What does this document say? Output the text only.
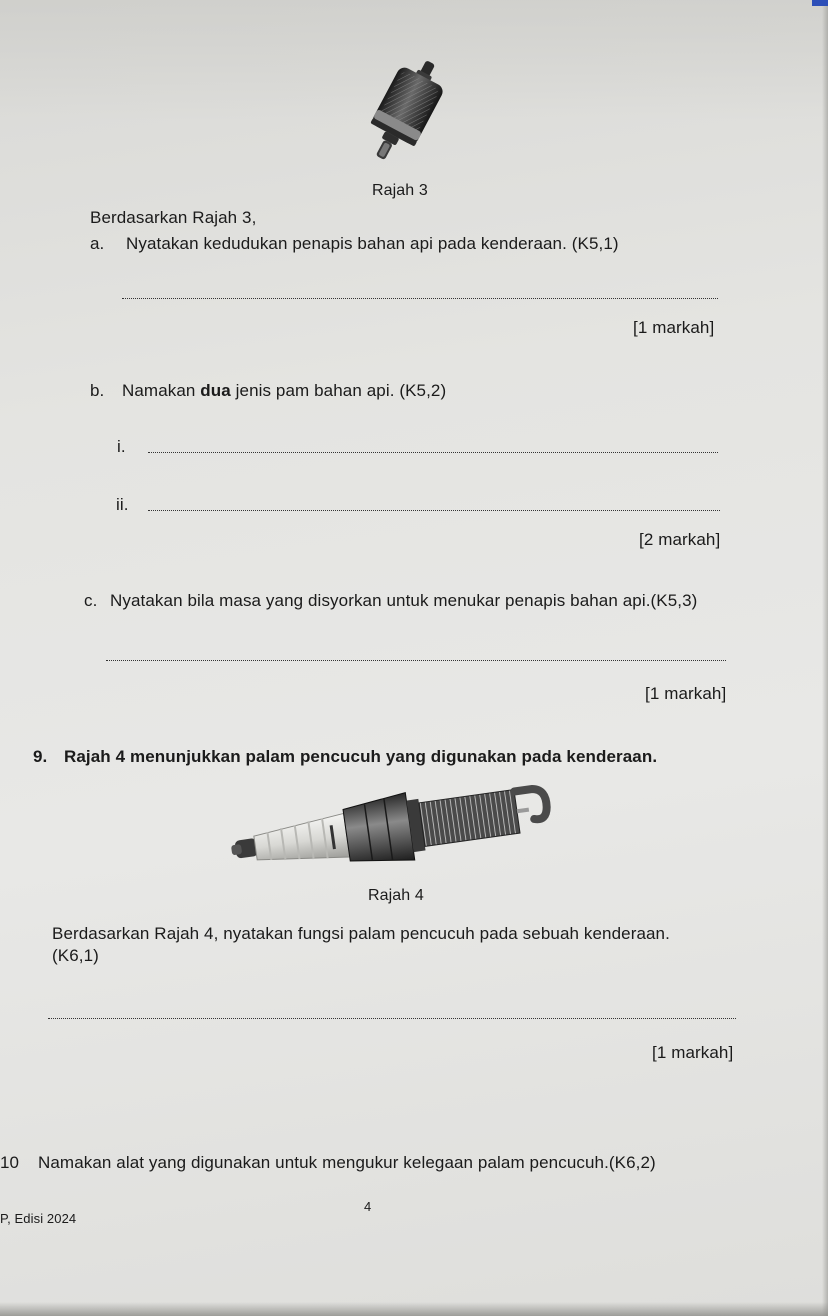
Rajah 3
Berdasarkan Rajah 3,
a. Nyatakan kedudukan penapis bahan api pada kenderaan. (K5,1)
[1 markah]
b. Namakan dua jenis pam bahan api. (K5,2)
i.
ii.
[2 markah]
c. Nyatakan bila masa yang disyorkan untuk menukar penapis bahan api.(K5,3)
[1 markah]
9. Rajah 4 menunjukkan palam pencucuh yang digunakan pada kenderaan.
Rajah 4
Berdasarkan Rajah 4, nyatakan fungsi palam pencucuh pada sebuah kenderaan.
(K6,1)
[1 markah]
10 Namakan alat yang digunakan untuk mengukur kelegaan palam pencucuh.(K6,2)
4
P, Edisi 2024
